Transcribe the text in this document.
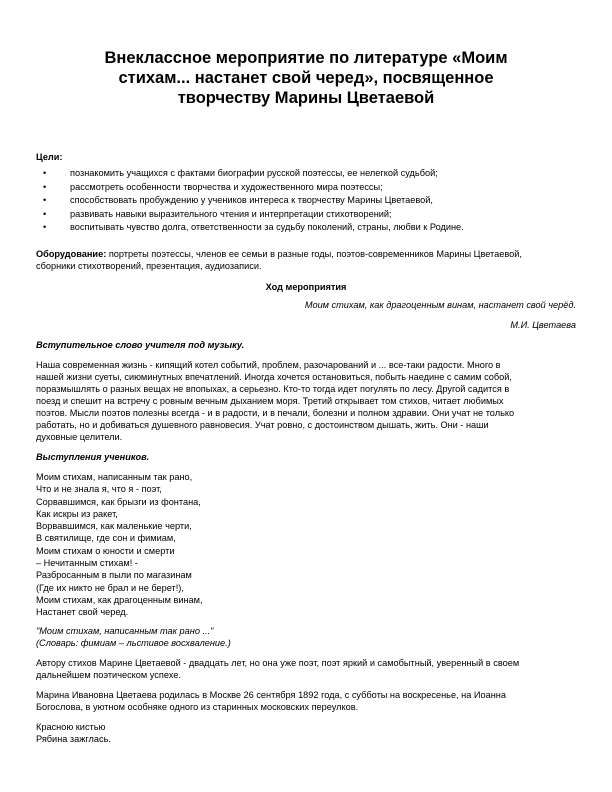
Внеклассное мероприятие по литературе «Моим
стихам... настанет свой черед», посвященное
творчеству Марины Цветаевой
Цели:
•	познакомить учащихся с фактами биографии русской поэтессы, ее нелегкой судьбой;
•	рассмотреть особенности творчества и художественного мира поэтессы;
•	способствовать пробуждению у учеников интереса к творчеству Марины Цветаевой,
•	развивать навыки выразительного чтения и интерпретации стихотворений;
•	воспитывать чувство долга, ответственности за судьбу поколений, страны, любви к Родине.
Оборудование: портреты поэтессы, членов ее семьи в разные годы, поэтов-современников Марины Цветаевой,
сборники стихотворений, презентация, аудиозаписи.
Ход мероприятия
Моим стихам, как драгоценным винам, настанет свой черёд.
М.И. Цветаева
Вступительное слово учителя под музыку.
Наша современная жизнь - кипящий котел событий, проблем, разочарований и ... все-таки радости. Много в
нашей жизни суеты, сиюминутных впечатлений. Иногда хочется остановиться, побыть наедине с самим собой,
поразмышлять о разных вещах не впопыхах, а серьезно. Кто-то тогда идет погулять по лесу. Другой садится в
поезд и спешит на встречу с ровным вечным дыханием моря. Третий открывает том стихов, читает любимых
поэтов. Мысли поэтов полезны всегда - и в радости, и в печали, болезни и полном здравии. Они учат не только
работать, но и добиваться душевного равновесия. Учат ровно, с достоинством дышать, жить. Они - наши
духовные целители.
Выступления учеников.
Моим стихам, написанным так рано,
Что и не знала я, что я - поэт,
Сорвавшимся, как брызги из фонтана,
Как искры из ракет,
Ворвавшимся, как маленькие черти,
В святилище, где сон и фимиам,
Моим стихам о юности и смерти
– Нечитанным стихам! -
Разбросанным в пыли по магазинам
(Где их никто не брал и не берет!),
Моим стихам, как драгоценным винам,
Настанет свой черед.
"Моим стихам, написанным так рано ..."
(Словарь: фимиам – льстивое восхваление.)
Автору стихов Марине Цветаевой - двадцать лет, но она уже поэт, поэт яркий и самобытный, уверенный в своем
дальнейшем поэтическом успехе.
Марина Ивановна Цветаева родилась в Москве 26 сентября 1892 года, с субботы на воскресенье, на Иоанна
Богослова, в уютном особняке одного из старинных московских переулков.
Красною кистью
Рябина зажглась.
